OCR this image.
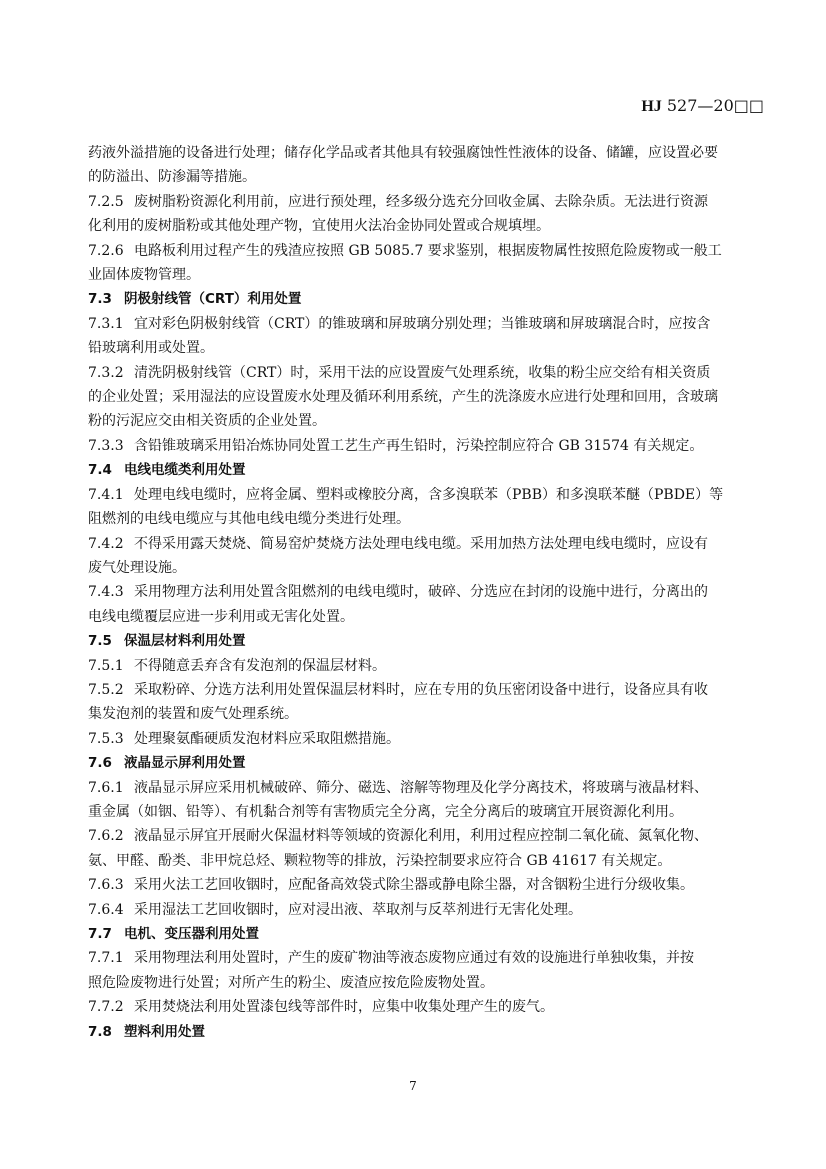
HJ 527—20□□
药液外溢措施的设备进行处理；储存化学品或者其他具有较强腐蚀性性液体的设备、储罐，应设置必要
的防溢出、防渗漏等措施。
7.2.5 废树脂粉资源化利用前，应进行预处理，经多级分选充分回收金属、去除杂质。无法进行资源
化利用的废树脂粉或其他处理产物，宜使用火法冶金协同处置或合规填埋。
7.2.6 电路板利用过程产生的残渣应按照 GB 5085.7 要求鉴别，根据废物属性按照危险废物或一般工
业固体废物管理。
7.3 阴极射线管（CRT）利用处置
7.3.1 宜对彩色阴极射线管（CRT）的锥玻璃和屏玻璃分别处理；当锥玻璃和屏玻璃混合时，应按含
铅玻璃利用或处置。
7.3.2 清洗阴极射线管（CRT）时，采用干法的应设置废气处理系统，收集的粉尘应交给有相关资质
的企业处置；采用湿法的应设置废水处理及循环利用系统，产生的洗涤废水应进行处理和回用，含玻璃
粉的污泥应交由相关资质的企业处置。
7.3.3 含铅锥玻璃采用铅冶炼协同处置工艺生产再生铅时，污染控制应符合 GB 31574 有关规定。
7.4 电线电缆类利用处置
7.4.1 处理电线电缆时，应将金属、塑料或橡胶分离，含多溴联苯（PBB）和多溴联苯醚（PBDE）等
阻燃剂的电线电缆应与其他电线电缆分类进行处理。
7.4.2 不得采用露天焚烧、简易窑炉焚烧方法处理电线电缆。采用加热方法处理电线电缆时，应设有
废气处理设施。
7.4.3 采用物理方法利用处置含阻燃剂的电线电缆时，破碎、分选应在封闭的设施中进行，分离出的
电线电缆覆层应进一步利用或无害化处置。
7.5 保温层材料利用处置
7.5.1 不得随意丢弃含有发泡剂的保温层材料。
7.5.2 采取粉碎、分选方法利用处置保温层材料时，应在专用的负压密闭设备中进行，设备应具有收
集发泡剂的装置和废气处理系统。
7.5.3 处理聚氨酯硬质发泡材料应采取阻燃措施。
7.6 液晶显示屏利用处置
7.6.1 液晶显示屏应采用机械破碎、筛分、磁选、溶解等物理及化学分离技术，将玻璃与液晶材料、
重金属（如铟、铅等）、有机黏合剂等有害物质完全分离，完全分离后的玻璃宜开展资源化利用。
7.6.2 液晶显示屏宜开展耐火保温材料等领域的资源化利用，利用过程应控制二氧化硫、氮氧化物、
氨、甲醛、酚类、非甲烷总烃、颗粒物等的排放，污染控制要求应符合 GB 41617 有关规定。
7.6.3 采用火法工艺回收铟时，应配备高效袋式除尘器或静电除尘器，对含铟粉尘进行分级收集。
7.6.4 采用湿法工艺回收铟时，应对浸出液、萃取剂与反萃剂进行无害化处理。
7.7 电机、变压器利用处置
7.7.1 采用物理法利用处置时，产生的废矿物油等液态废物应通过有效的设施进行单独收集，并按
照危险废物进行处置；对所产生的粉尘、废渣应按危险废物处置。
7.7.2 采用焚烧法利用处置漆包线等部件时，应集中收集处理产生的废气。
7.8 塑料利用处置
7
